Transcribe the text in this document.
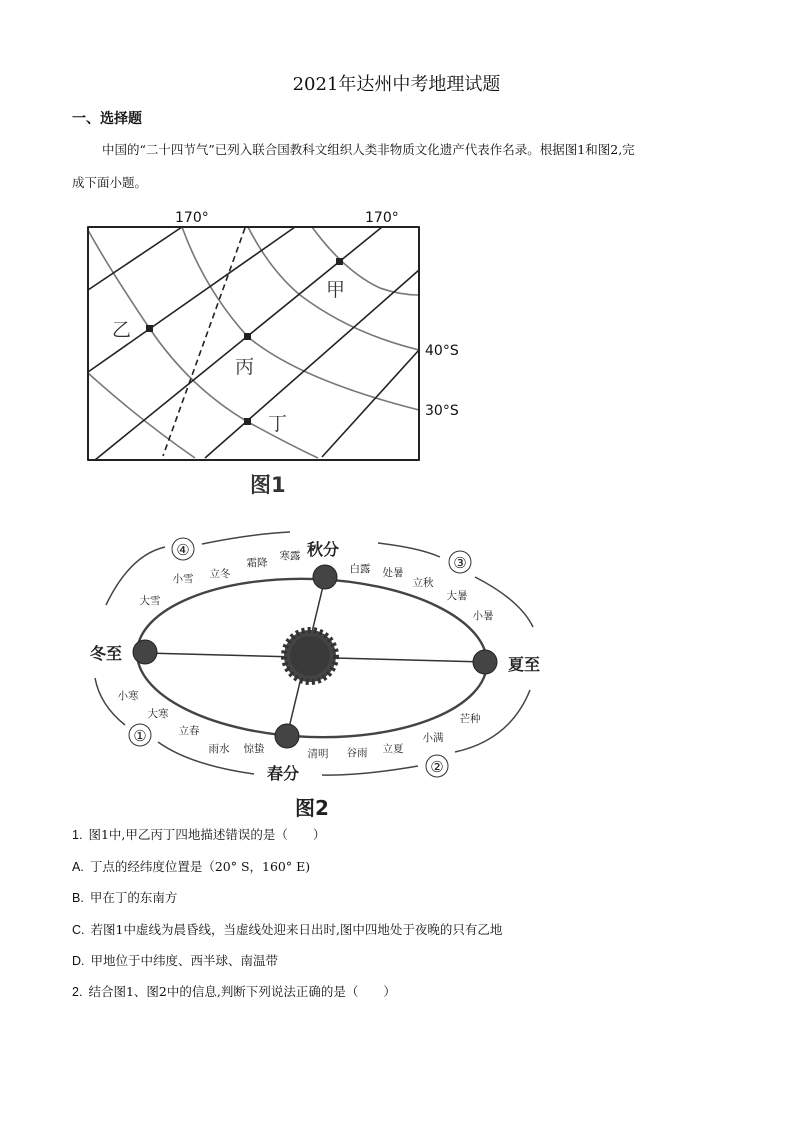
2021年达州中考地理试题
一、选择题
中国的“二十四节气”已列入联合国教科文组织人类非物质文化遗产代表作名录。根据图1和图2,完
成下面小题。
170°	170°
40°S
30°S
甲
乙
丙
丁
图1
①
②
③
④
冬至
夏至
秋分
春分
图2
霜降
寒露
小雪 立冬
大雪
白露 处暑
立秋
大暑
小暑
小寒
大寒
立春
雨水 惊蛰	清明 谷雨 立夏
小满
芒种
1. 图1中,甲乙丙丁四地描述错误的是（　　）
A. 丁点的经纬度位置是（20° S，160° E)
B. 甲在丁的东南方
C. 若图1中虚线为晨昏线，当虚线处迎来日出时,图中四地处于夜晚的只有乙地
D. 甲地位于中纬度、西半球、南温带
2. 结合图1、图2中的信息,判断下列说法正确的是（　　）
